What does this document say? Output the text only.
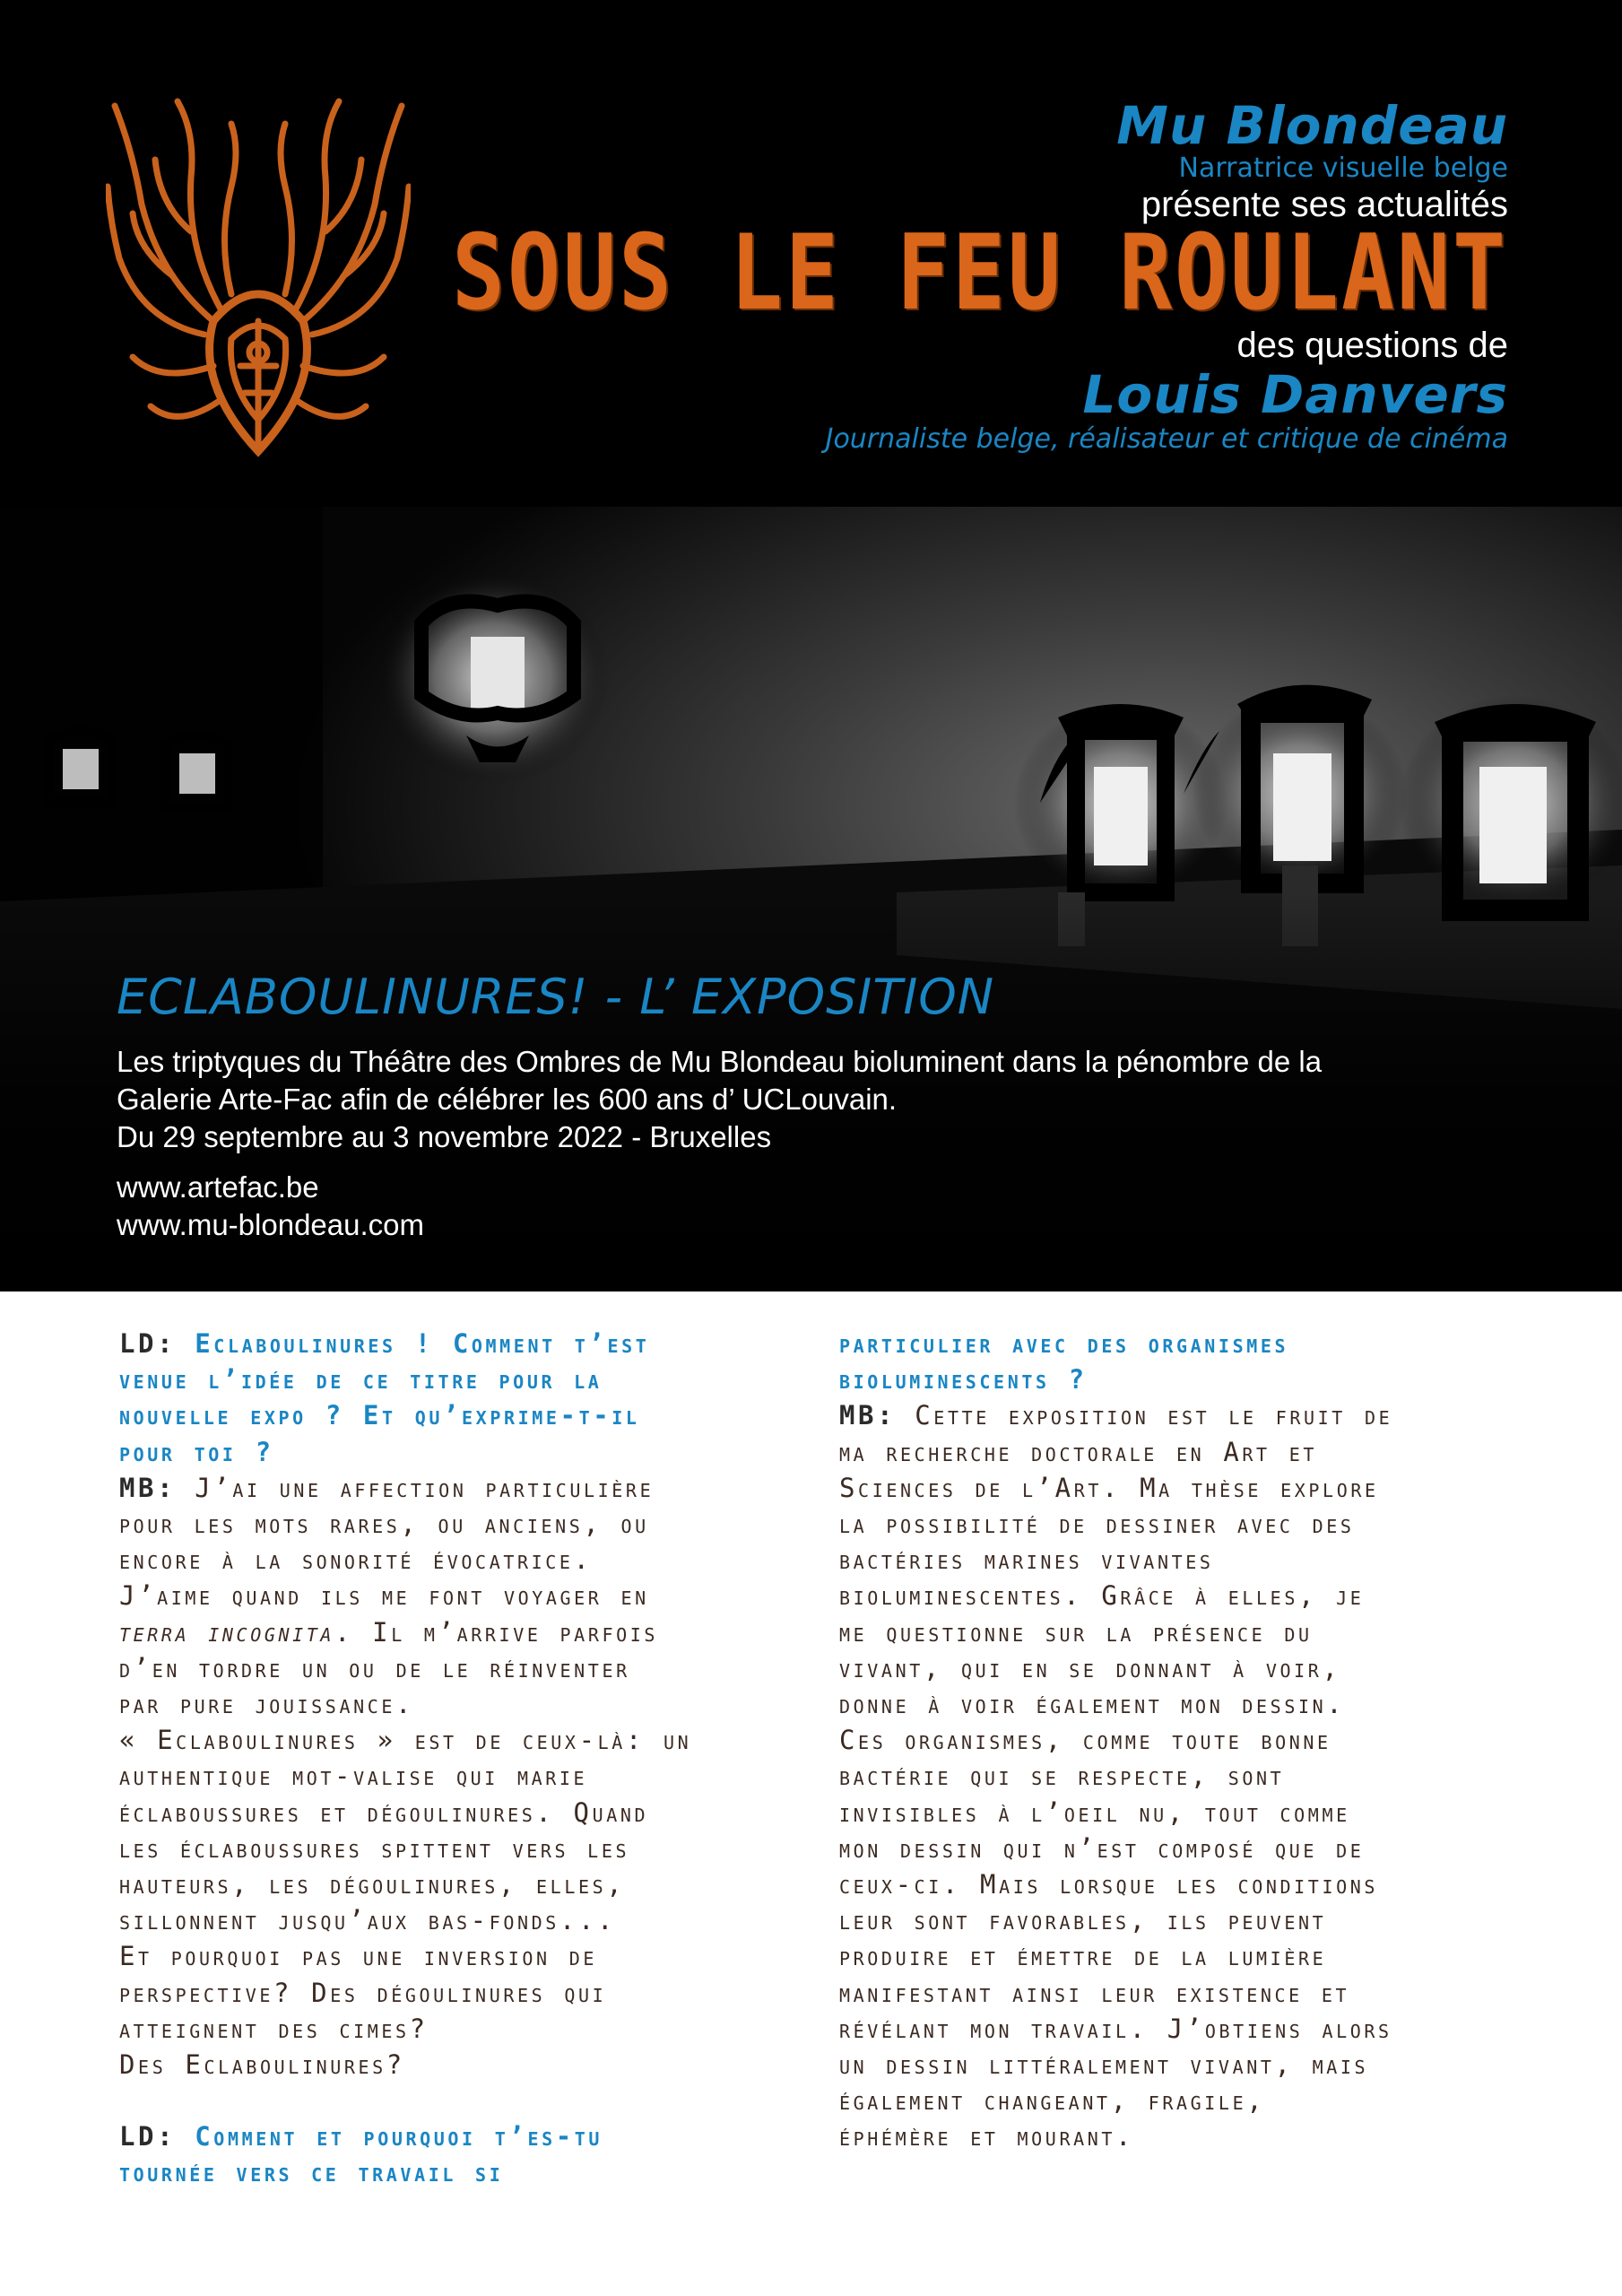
Mu Blondeau
Narratrice visuelle belge
présente ses actualités
SOUS LE FEU ROULANT
des questions de
Louis Danvers
Journaliste belge, réalisateur et critique de cinéma
ECLABOULINURES! - L’ EXPOSITION
Les triptyques du Théâtre des Ombres de Mu Blondeau bioluminent dans la pénombre de la
Galerie Arte-Fac afin de célébrer les 600 ans d’ UCLouvain.
Du 29 septembre au 3 novembre 2022 - Bruxelles
www.artefac.be
www.mu-blondeau.com

LD: Eclaboulinures ! Comment t’est

venue l’idée de ce titre pour la

nouvelle expo ? Et qu’exprime-t-il

pour toi ?

MB: J’ai une affection particulière

pour les mots rares, ou anciens, ou

encore à la sonorité évocatrice.

J’aime quand ils me font voyager en

terra incognita. Il m’arrive parfois

d’en tordre un ou de le réinventer

par pure jouissance.

« Eclaboulinures » est de ceux-là: un

authentique mot-valise qui marie

éclaboussures et dégoulinures. Quand

les éclaboussures spittent vers les

hauteurs, les dégoulinures, elles,

sillonnent jusqu’aux bas-fonds...

Et pourquoi pas une inversion de

perspective? Des dégoulinures qui

atteignent des cimes?

Des Eclaboulinures?

LD: Comment et pourquoi t’es-tu

tournée vers ce travail si

particulier avec des organismes

bioluminescents ?

MB: Cette exposition est le fruit de

ma recherche doctorale en Art et

Sciences de l’Art. Ma thèse explore

la possibilité de dessiner avec des

bactéries marines vivantes

bioluminescentes. Grâce à elles, je

me questionne sur la présence du

vivant, qui en se donnant à voir,

donne à voir également mon dessin.

Ces organismes, comme toute bonne

bactérie qui se respecte, sont

invisibles à l’oeil nu, tout comme

mon dessin qui n’est composé que de

ceux-ci. Mais lorsque les conditions

leur sont favorables, ils peuvent

produire et émettre de la lumière

manifestant ainsi leur existence et

révélant mon travail. J’obtiens alors

un dessin littéralement vivant, mais

également changeant, fragile,

éphémère et mourant.
